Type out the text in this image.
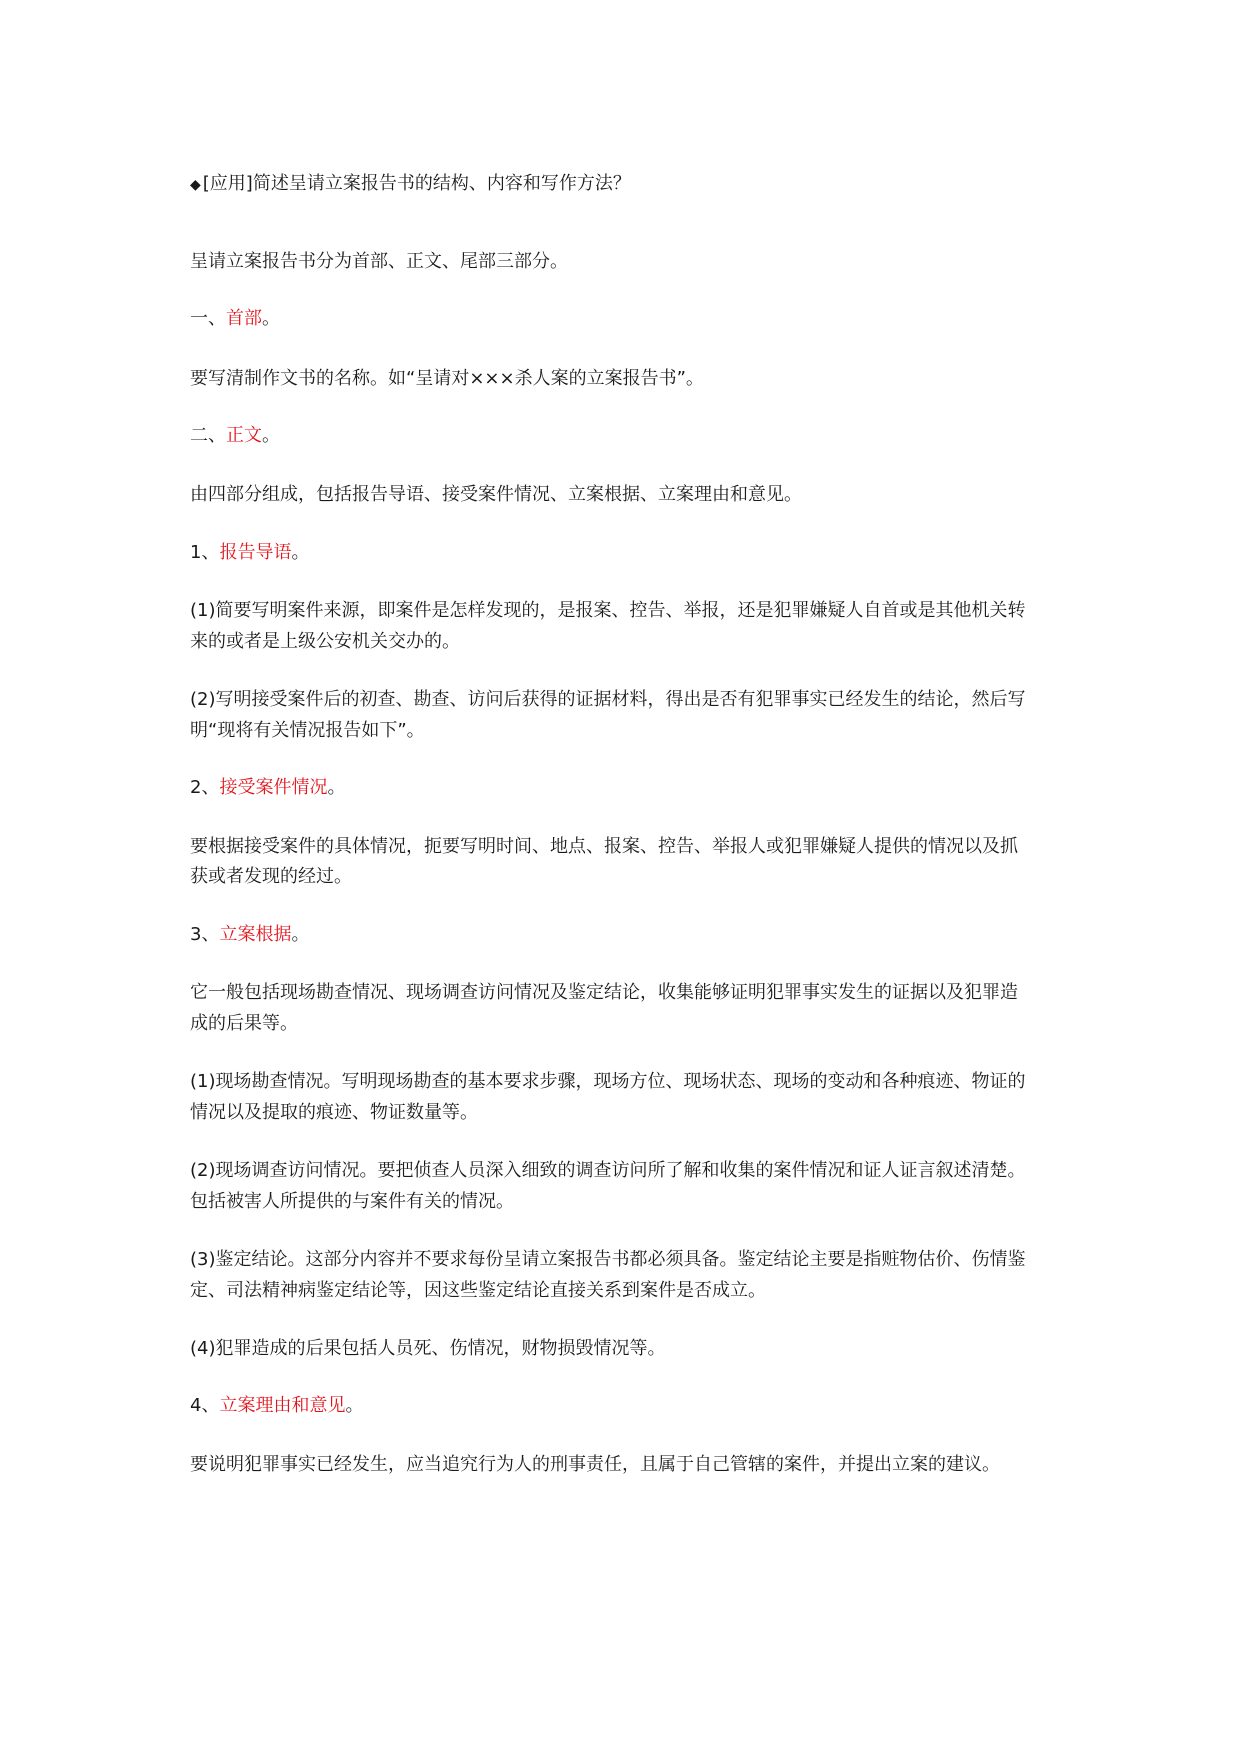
◆ [应用]简述呈请立案报告书的结构、内容和写作方法？
呈请立案报告书分为首部、正文、尾部三部分。
一、首部。
要写清制作文书的名称。如“呈请对×××杀人案的立案报告书”。
二、正文。
由四部分组成，包括报告导语、接受案件情况、立案根据、立案理由和意见。
1、报告导语。
(1)简要写明案件来源，即案件是怎样发现的，是报案、控告、举报，还是犯罪嫌疑人自首或是其他机关转
来的或者是上级公安机关交办的。
(2)写明接受案件后的初查、勘查、访问后获得的证据材料，得出是否有犯罪事实已经发生的结论，然后写
明“现将有关情况报告如下”。
2、接受案件情况。
要根据接受案件的具体情况，扼要写明时间、地点、报案、控告、举报人或犯罪嫌疑人提供的情况以及抓
获或者发现的经过。
3、立案根据。
它一般包括现场勘查情况、现场调查访问情况及鉴定结论，收集能够证明犯罪事实发生的证据以及犯罪造
成的后果等。
(1)现场勘查情况。写明现场勘查的基本要求步骤，现场方位、现场状态、现场的变动和各种痕迹、物证的
情况以及提取的痕迹、物证数量等。
(2)现场调查访问情况。要把侦查人员深入细致的调查访问所了解和收集的案件情况和证人证言叙述清楚。
包括被害人所提供的与案件有关的情况。
(3)鉴定结论。这部分内容并不要求每份呈请立案报告书都必须具备。鉴定结论主要是指赃物估价、伤情鉴
定、司法精神病鉴定结论等，因这些鉴定结论直接关系到案件是否成立。
(4)犯罪造成的后果包括人员死、伤情况，财物损毁情况等。
4、立案理由和意见。
要说明犯罪事实已经发生，应当追究行为人的刑事责任，且属于自己管辖的案件，并提出立案的建议。
